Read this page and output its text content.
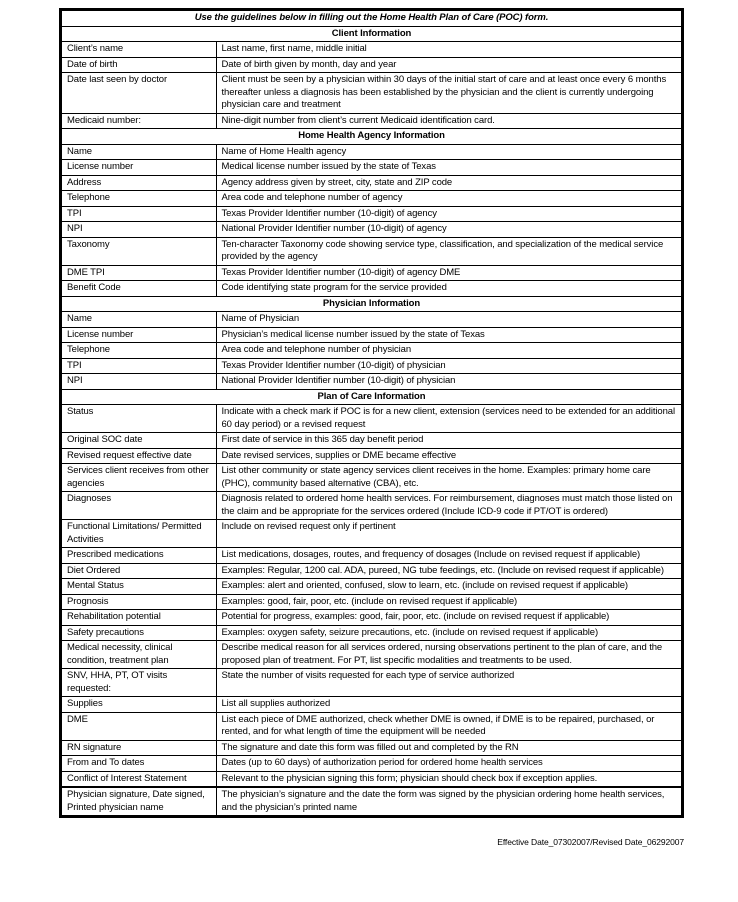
Use the guidelines below in filling out the Home Health Plan of Care (POC) form.	
Client Information	
Client’s name	Last name, first name, middle initial
Date of birth	Date of birth given by month, day and year
Date last seen by doctor	Client must be seen by a physician within 30 days of the initial start of care and at least once every 6 months thereafter unless a diagnosis has been established by the physician and the client is currently undergoing physician care and treatment
Medicaid number:	Nine-digit number from client’s current Medicaid identification card.
Home Health Agency Information	
Name	Name of Home Health agency
License number	Medical license number issued by the state of Texas
Address	Agency address given by street, city, state and ZIP code
Telephone	Area code and telephone number of agency
TPI	Texas Provider Identifier number (10-digit) of agency
NPI	National Provider Identifier number (10-digit) of agency
Taxonomy	Ten-character Taxonomy code showing service type, classification, and specialization of the medical service provided by the agency
DME TPI	Texas Provider Identifier number (10-digit) of agency DME
Benefit Code	Code identifying state program for the service provided
Physician Information	
Name	Name of Physician
License number	Physician’s medical license number issued by the state of Texas
Telephone	Area code and telephone number of physician
TPI	Texas Provider Identifier number (10-digit) of physician
NPI	National Provider Identifier number (10-digit) of physician
Plan of Care Information	
Status	Indicate with a check mark if POC is for a new client, extension (services need to be extended for an additional 60 day period) or a revised request
Original SOC date	First date of service in this 365 day benefit period
Revised request effective date	Date revised services, supplies or DME became effective
Services client receives from other agencies	List other community or state agency services client receives in the home. Examples: primary home care (PHC), community based alternative (CBA), etc.
Diagnoses	Diagnosis related to ordered home health services. For reimbursement, diagnoses must match those listed on the claim and be appropriate for the services ordered (Include ICD-9 code if PT/OT is ordered)
Functional Limitations/ Permitted Activities	Include on revised request only if pertinent
Prescribed medications	List medications, dosages, routes, and frequency of dosages (Include on revised request if applicable)
Diet Ordered	Examples: Regular, 1200 cal. ADA, pureed, NG tube feedings, etc. (Include on revised request if applicable)
Mental Status	Examples: alert and oriented, confused, slow to learn, etc. (include on revised request if applicable)
Prognosis	Examples: good, fair, poor, etc. (include on revised request if applicable)
Rehabilitation potential	Potential for progress, examples: good, fair, poor, etc. (include on revised request if applicable)
Safety precautions	Examples: oxygen safety, seizure precautions, etc. (include on revised request if applicable)
Medical necessity, clinical condition, treatment plan	Describe medical reason for all services ordered, nursing observations pertinent to the plan of care, and the proposed plan of treatment. For PT, list specific modalities and treatments to be used.
SNV, HHA, PT, OT visits requested:	State the number of visits requested for each type of service authorized
Supplies	List all supplies authorized
DME	List each piece of DME authorized, check whether DME is owned, if DME is to be repaired, purchased, or rented, and for what length of time the equipment will be needed
RN signature	The signature and date this form was filled out and completed by the RN
From and To dates	Dates (up to 60 days) of authorization period for ordered home health services
Conflict of Interest Statement	Relevant to the physician signing this form; physician should check box if exception applies.
Physician signature, Date signed, Printed physician name	The physician’s signature and the date the form was signed by the physician ordering home health services, and the physician’s printed name
Effective Date_07302007/Revised Date_06292007
